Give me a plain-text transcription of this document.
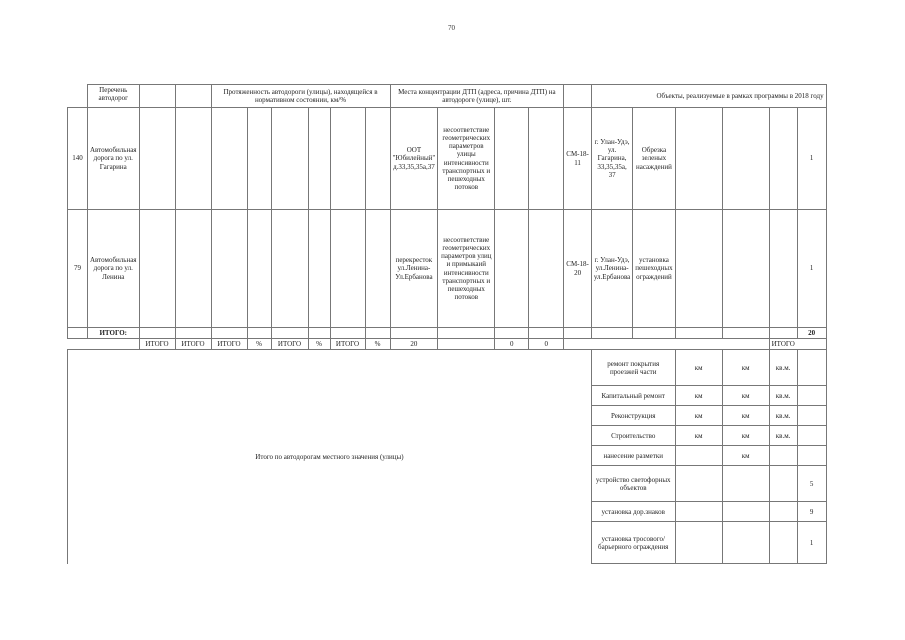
70

	Перечень автодорог			Протяженность автодороги (улицы), находящейся в нормативном состоянии, км/%						Места концентрации ДТП (адреса, причина ДТП) на автодороге (улице), шт.					Объекты, реализуемые в рамках программы в 2018 году					
140	Автомобильная дорога по ул. Гагарина									ООТ "Юбилейный" д.33,35,35а,37	несоответствие геометрических параметров улицы интенсивности транспортных и пешеходных потоков			СМ-18-11	г. Улан-Удэ, ул. Гагарина, 33,35,35а, 37	Обрезка зеленых насаждений				1
79	Автомобильная дорога по ул. Ленина									перекресток ул.Ленина-Ул.Ербанова	несоответствие геометрических параметров улиц и примыкаий интенсивности транспортных и пешеходных потоков			СМ-18-20	г. Улан-Удэ, ул.Ленина-ул.Ербанова	установка пешеходных ограждений				1
	ИТОГО:																			20
		ИТОГО	ИТОГО	ИТОГО	%	ИТОГО	%	ИТОГО	%	20		0	0						ИТОГО	
Итого по автодорогам местного значения (улицы)															ремонт покрытия проезжей части		км	км	кв.м.	
															Капитальный ремонт		км	км	кв.м.	
															Реконструкция		км	км	кв.м.	
															Строительство		км	км	кв.м.	
															нанесение разметки			км		
															устройство светофорных объектов					5
															установка дор.знаков					9
															установка тросового/барьерного ограждения					1
